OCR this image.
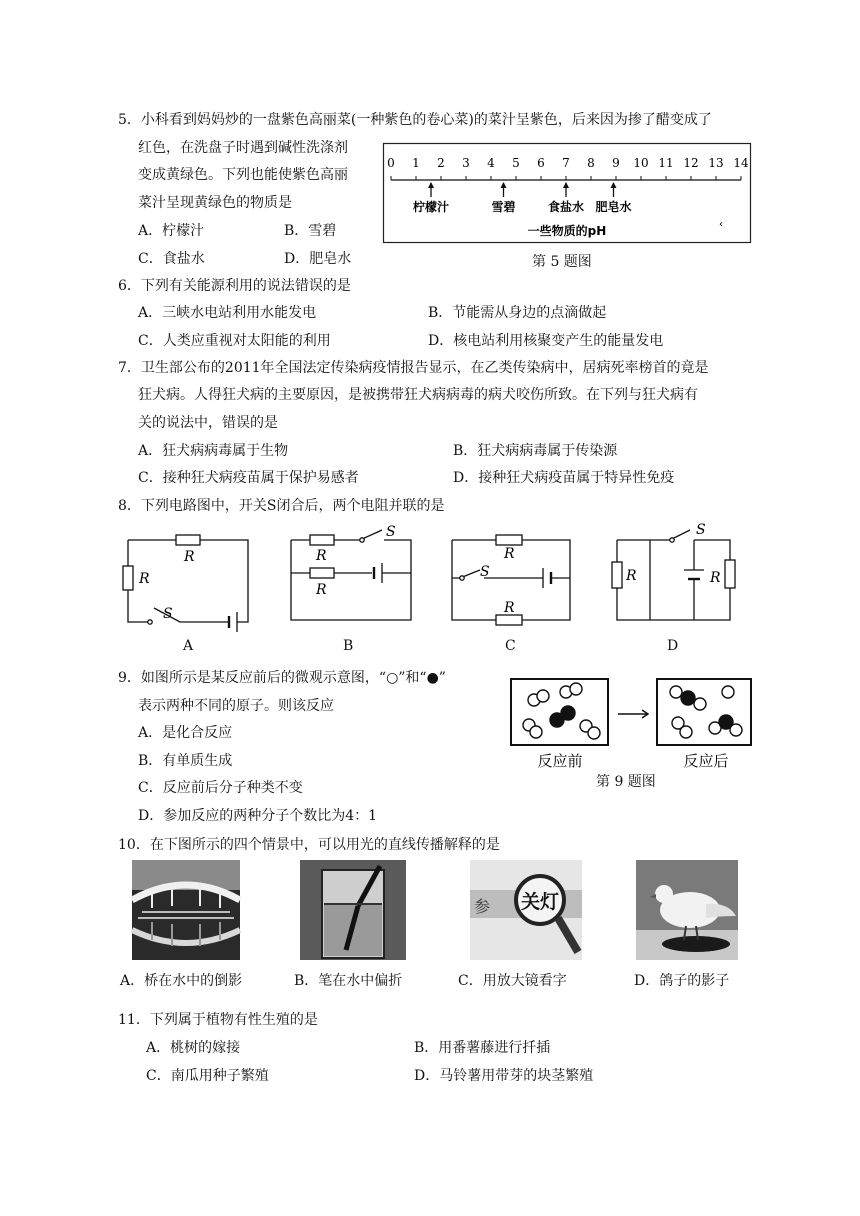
5．小科看到妈妈炒的一盘紫色高丽菜(一种紫色的卷心菜)的菜汁呈紫色，后来因为掺了醋变成了
红色，在洗盘子时遇到碱性洗涤剂
变成黄绿色。下列也能使紫色高丽
菜汁呈现黄绿色的物质是
A．柠檬汁	B．雪碧
C．食盐水	D．肥皂水
0 1 2 3 4 5 6 7 8 9 10 11 12 13 14
柠檬汁	雪碧	食盐水 肥皂水
一些物质的pH	‹
第 5 题图
6．下列有关能源利用的说法错误的是
A．三峡水电站利用水能发电	B．节能需从身边的点滴做起
C．人类应重视对太阳能的利用	D．核电站利用核聚变产生的能量发电
7．卫生部公布的2011年全国法定传染病疫情报告显示，在乙类传染病中，居病死率榜首的竟是
狂犬病。人得狂犬病的主要原因，是被携带狂犬病病毒的病犬咬伤所致。在下列与狂犬病有
关的说法中，错误的是
A．狂犬病病毒属于生物	B．狂犬病病毒属于传染源
C．接种狂犬病疫苗属于保护易感者	D．接种狂犬病疫苗属于特异性免疫
8．下列电路图中，开关S闭合后，两个电阻并联的是
R
R
S
A
R
R
S
B
R
R
S
C
R	R
S
D
9．如图所示是某反应前后的微观示意图，“○”和“●”
表示两种不同的原子。则该反应
A．是化合反应
B．有单质生成
C．反应前后分子种类不变
D．参加反应的两种分子个数比为4：1
反应前	反应后
第 9 题图
10．在下图所示的四个情景中，可以用光的直线传播解释的是
参 关灯
A．桥在水中的倒影	B．笔在水中偏折	C．用放大镜看字	D．鸽子的影子
11．下列属于植物有性生殖的是
A．桃树的嫁接	B．用番薯藤进行扦插
C．南瓜用种子繁殖	D．马铃薯用带芽的块茎繁殖
